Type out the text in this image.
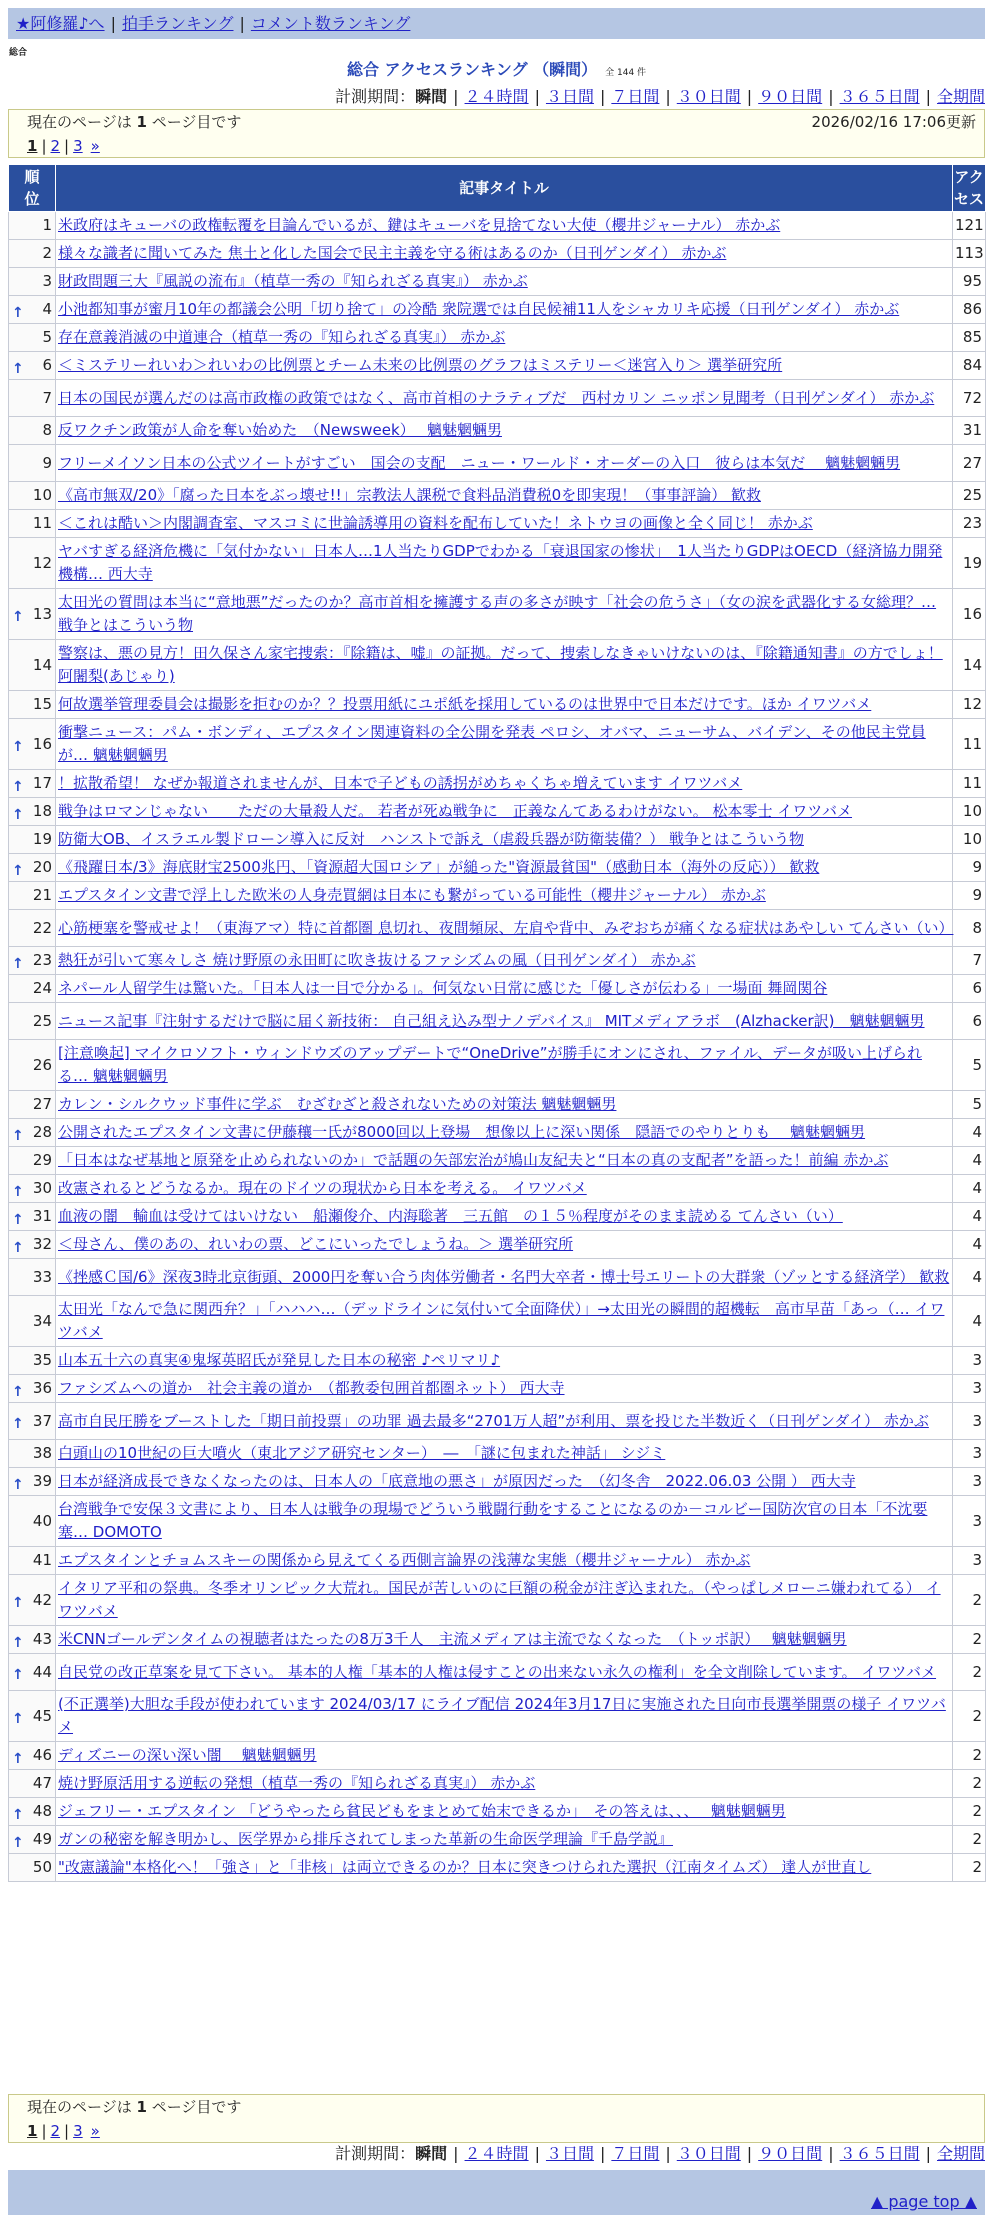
★阿修羅♪へ | 拍手ランキング | コメント数ランキング
総合
総合 アクセスランキング （瞬間） 全 144 件
計測期間：瞬間 | ２４時間 | ３日間 | ７日間 | ３０日間 | ９０日間 | ３６５日間 | 全期間
現在のページは 1 ページ目です	2026/02/16 17:06更新
1 | 2 | 3 »
順位	記事タイトル	アクセス

1	米政府はキューバの政権転覆を目論んでいるが、鍵はキューバを見捨てない大使（櫻井ジャーナル） 赤かぶ	121
2	様々な識者に聞いてみた 焦土と化した国会で民主主義を守る術はあるのか（日刊ゲンダイ） 赤かぶ	113
3	財政問題三大『風説の流布』（植草一秀の『知られざる真実』） 赤かぶ	95

↑ 4	小池都知事が蜜月10年の都議会公明「切り捨て」の冷酷 衆院選では自民候補11人をシャカリキ応援（日刊ゲンダイ） 赤かぶ	86
5	存在意義消滅の中道連合（植草一秀の『知られざる真実』） 赤かぶ	85

↑ 6	＜ミステリーれいわ＞れいわの比例票とチーム未来の比例票のグラフはミステリー＜迷宮入り＞ 選挙研究所	84
7	日本の国民が選んだのは高市政権の政策ではなく、高市首相のナラティブだ　西村カリン ニッポン見聞考（日刊ゲンダイ） 赤かぶ	72
8	反ワクチン政策が人命を奪い始めた　（Newsweek）　 魑魅魍魎男	31
9	フリーメイソン日本の公式ツイートがすごい　国会の支配　ニュー・ワールド・オーダーの入口　彼らは本気だ　 魑魅魍魎男	27
10	《高市無双/20》「腐った日本をぶっ壊せ!!」宗教法人課税で食料品消費税0を即実現！（事事評論） 歓救	25
11	＜これは酷い＞内閣調査室、マスコミに世論誘導用の資料を配布していた！ネトウヨの画像と全く同じ！ 赤かぶ	23
12	ヤバすぎる経済危機に「気付かない」日本人…1人当たりGDPでわかる「衰退国家の惨状」　1人当たりGDPはOECD（経済協力開発機構… 西大寺	19

↑ 13	太田光の質問は本当に“意地悪”だったのか？高市首相を擁護する声の多さが映す「社会の危うさ」（女の涙を武器化する女総理？… 戦争とはこういう物	16
14	警察は、悪の見方！田久保さん家宅捜索：『除籍は、嘘』の証拠。だって、捜索しなきゃいけないのは、『除籍通知書』の方でしょ！ 阿闍梨(あじゃり)	14
15	何故選挙管理委員会は撮影を拒むのか？？投票用紙にユポ紙を採用しているのは世界中で日本だけです。ほか イワツバメ	12

↑ 16	衝撃ニュース：パム・ボンディ、エプスタイン関連資料の全公開を発表 ペロシ、オバマ、ニューサム、バイデン、その他民主党員が… 魑魅魍魎男	11

↑ 17	！拡散希望！ なぜか報道されませんが、日本で子どもの誘拐がめちゃくちゃ増えています イワツバメ	11

↑ 18	戦争はロマンじゃない　　ただの大量殺人だ。 若者が死ぬ戦争に　正義なんてあるわけがない。 松本零士 イワツバメ	10
19	防衛大OB、イスラエル製ドローン導入に反対　ハンストで訴え（虐殺兵器が防衛装備？） 戦争とはこういう物	10

↑ 20	《飛躍日本/3》海底財宝2500兆円、「資源超大国ロシア」が縋った"資源最貧国"（感動日本（海外の反応）） 歓救	9
21	エプスタイン文書で浮上した欧米の人身売買網は日本にも繋がっている可能性（櫻井ジャーナル） 赤かぶ	9
22	心筋梗塞を警戒せよ！（東海アマ）特に首都圏 息切れ、夜間頻尿、左肩や背中、みぞおちが痛くなる症状はあやしい てんさい（い）	8

↑ 23	熱狂が引いて寒々しさ 焼け野原の永田町に吹き抜けるファシズムの風（日刊ゲンダイ） 赤かぶ	7
24	ネパール人留学生は驚いた。「日本人は一目で分かる」。何気ない日常に感じた「優しさが伝わる」一場面 舞岡関谷	6
25	ニュース記事『注射するだけで脳に届く新技術： 自己組え込み型ナノデバイス』 MITメディアラボ　(Alzhacker訳)　魑魅魍魎男	6
26	[注意喚起] マイクロソフト・ウィンドウズのアップデートで“OneDrive”が勝手にオンにされ、ファイル、データが吸い上げられる… 魑魅魍魎男	5
27	カレン・シルクウッド事件に学ぶ　むざむざと殺されないための対策法 魑魅魍魎男	5

↑ 28	公開されたエプスタイン文書に伊藤穰一氏が8000回以上登場　想像以上に深い関係　隠語でのやりとりも　 魑魅魍魎男	4
29	「日本はなぜ基地と原発を止められないのか」で話題の矢部宏治が鳩山友紀夫と“日本の真の支配者”を語った！前編 赤かぶ	4

↑ 30	改憲されるとどうなるか。現在のドイツの現状から日本を考える。 イワツバメ	4

↑ 31	血液の闇　輸血は受けてはいけない　船瀬俊介、内海聡著　三五館　の１５％程度がそのまま読める てんさい（い）	4

↑ 32	＜母さん、僕のあの、れいわの票、どこにいったでしょうね。＞ 選挙研究所	4
33	《挫感Ｃ国/6》深夜3時北京街頭、2000円を奪い合う肉体労働者・名門大卒者・博士号エリートの大群衆（ゾッとする経済学） 歓救	4
34	太田光「なんで急に関西弁？」「ハハハ…（デッドラインに気付いて全面降伏）」→太田光の瞬間的超機転　高市早苗「あっ（… イワツバメ	4
35	山本五十六の真実④鬼塚英昭氏が発見した日本の秘密 ♪ペリマリ♪	3

↑ 36	ファシズムへの道か　社会主義の道か　（都教委包囲首都圏ネット） 西大寺	3

↑ 37	高市自民圧勝をブーストした「期日前投票」の功罪 過去最多“2701万人超”が利用、票を投じた半数近く（日刊ゲンダイ） 赤かぶ	3
38	白頭山の10世紀の巨大噴火（東北アジア研究センター）　―　「謎に包まれた神話」 シジミ	3

↑ 39	日本が経済成長できなくなったのは、日本人の「底意地の悪さ」が原因だった　（幻冬舎　2022.06.03 公開 ） 西大寺	3
40	台湾戦争で安保３文書により、日本人は戦争の現場でどういう戦闘行動をすることになるのか－コルビー国防次官の日本「不沈要塞… DOMOTO	3
41	エプスタインとチョムスキーの関係から見えてくる西側言論界の浅薄な実態（櫻井ジャーナル） 赤かぶ	3

↑ 42	イタリア平和の祭典。冬季オリンピック大荒れ。国民が苦しいのに巨額の税金が注ぎ込まれた。（やっぱしメローニ嫌われてる） イワツバメ	2

↑ 43	米CNNゴールデンタイムの視聴者はたったの8万3千人　主流メディアは主流でなくなった　（トッポ訳）　 魑魅魍魎男	2

↑ 44	自民党の改正草案を見て下さい。 基本的人権「基本的人権は侵すことの出来ない永久の権利」を全文削除しています。 イワツバメ	2

↑ 45	(不正選挙)大胆な手段が使われています 2024/03/17 にライブ配信 2024年3月17日に実施された日向市長選挙開票の様子 イワツバメ	2

↑ 46	ディズニーの深い深い闇　 魑魅魍魎男	2
47	焼け野原活用する逆転の発想（植草一秀の『知られざる真実』） 赤かぶ	2

↑ 48	ジェフリー・エプスタイン 「どうやったら貧民どもをまとめて始末できるか」　その答えは、、、　 魑魅魍魎男	2

↑ 49	ガンの秘密を解き明かし、医学界から排斥されてしまった革新の生命医学理論『千島学説』	2
50	"改憲議論"本格化へ！「強さ」と「非核」は両立できるのか？日本に突きつけられた選択（江南タイムズ） 達人が世直し	2
現在のページは 1 ページ目です
1 | 2 | 3 »
計測期間：瞬間 | ２４時間 | ３日間 | ７日間 | ３０日間 | ９０日間 | ３６５日間 | 全期間
▲ page top ▲
